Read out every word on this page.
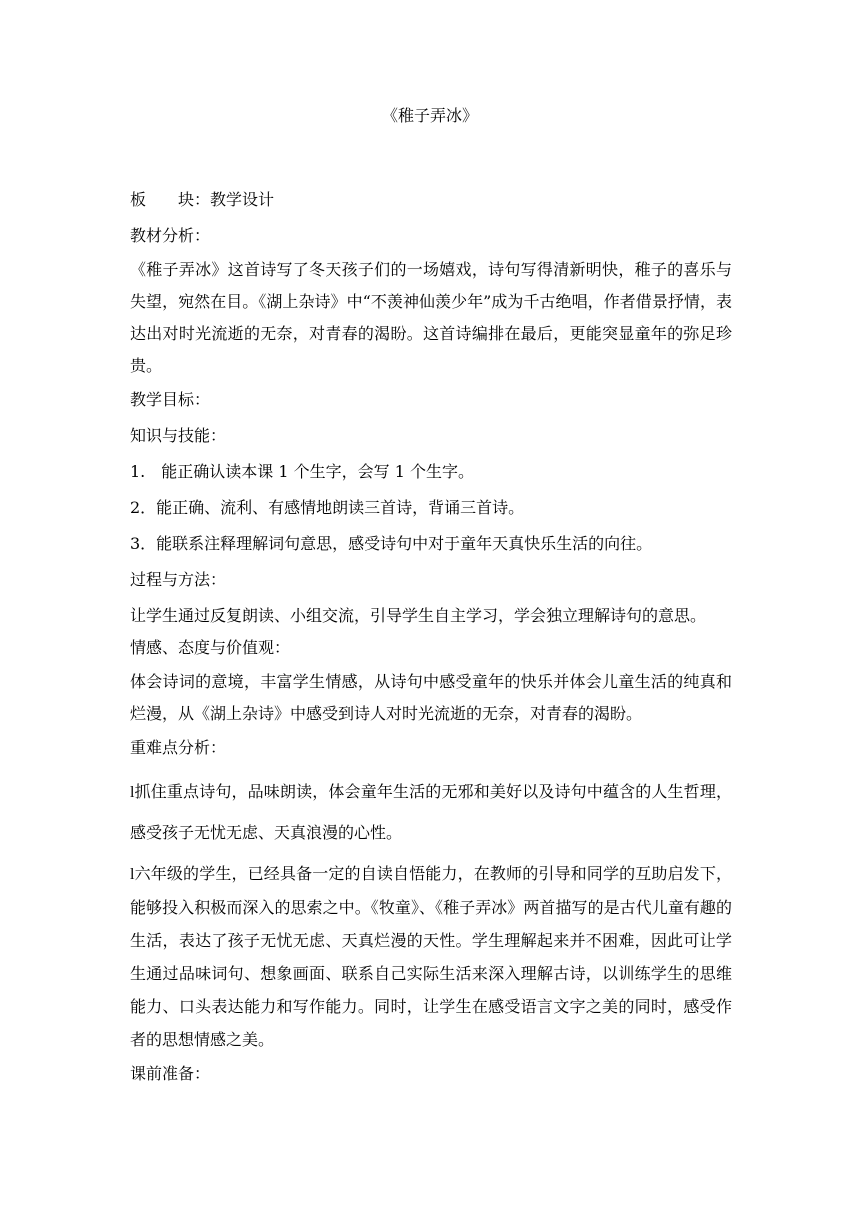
《稚子弄冰》
板　　块：教学设计
教材分析：

《稚子弄冰》这首诗写了冬天孩子们的一场嬉戏，诗句写得清新明快，稚子的喜乐与失望，宛然在目。《湖上杂诗》中“不羡神仙羡少年”成为千古绝唱，作者借景抒情，表达出对时光流逝的无奈，对青春的渴盼。这首诗编排在最后，更能突显童年的弥足珍贵。

教学目标：
知识与技能：
1.　能正确认读本课 1 个生字，会写 1 个生字。
2．能正确、流利、有感情地朗读三首诗，背诵三首诗。
3．能联系注释理解词句意思，感受诗句中对于童年天真快乐生活的向往。
过程与方法：
让学生通过反复朗读、小组交流，引导学生自主学习，学会独立理解诗句的意思。
情感、态度与价值观：

体会诗词的意境，丰富学生情感，从诗句中感受童年的快乐并体会儿童生活的纯真和烂漫，从《湖上杂诗》中感受到诗人对时光流逝的无奈，对青春的渴盼。

重难点分析：

l抓住重点诗句，品味朗读，体会童年生活的无邪和美好以及诗句中蕴含的人生哲理，感受孩子无忧无虑、天真浪漫的心性。

l六年级的学生，已经具备一定的自读自悟能力，在教师的引导和同学的互助启发下，能够投入积极而深入的思索之中。《牧童》、《稚子弄冰》两首描写的是古代儿童有趣的生活，表达了孩子无忧无虑、天真烂漫的天性。学生理解起来并不困难，因此可让学生通过品味词句、想象画面、联系自己实际生活来深入理解古诗，以训练学生的思维能力、口头表达能力和写作能力。同时，让学生在感受语言文字之美的同时，感受作者的思想情感之美。

课前准备：
